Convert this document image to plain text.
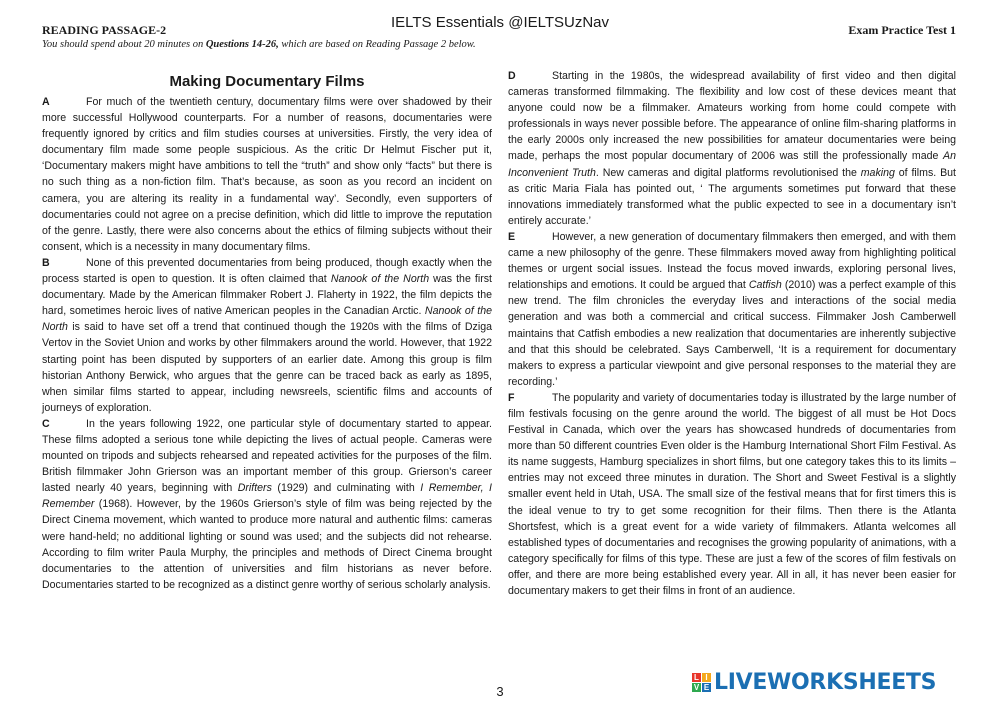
IELTS Essentials @IELTSUzNav
READING PASSAGE-2	Exam Practice Test 1
You should spend about 20 minutes on Questions 14-26, which are based on Reading Passage 2 below.
Making Documentary Films

A	For much of the twentieth century, documentary films were over shadowed by their more successful Hollywood counterparts. For a number of reasons, documentaries were frequently ignored by critics and film studies courses at universities. Firstly, the very idea of documentary film made some people suspicious. As the critic Dr Helmut Fischer put it, ‘Documentary makers might have ambitions to tell the “truth” and show only “facts” but there is no such thing as a non-fiction film. That’s because, as soon as you record an incident on camera, you are altering its reality in a fundamental way’. Secondly, even supporters of documentaries could not agree on a precise definition, which did little to improve the reputation of the genre. Lastly, there were also concerns about the ethics of filming subjects without their consent, which is a necessity in many documentary films.

B	None of this prevented documentaries from being produced, though exactly when the process started is open to question. It is often claimed that Nanook of the North was the first documentary. Made by the American filmmaker Robert J. Flaherty in 1922, the film depicts the hard, sometimes heroic lives of native American peoples in the Canadian Arctic. Nanook of the North is said to have set off a trend that continued though the 1920s with the films of Dziga Vertov in the Soviet Union and works by other filmmakers around the world. However, that 1922 starting point has been disputed by supporters of an earlier date. Among this group is film historian Anthony Berwick, who argues that the genre can be traced back as early as 1895, when similar films started to appear, including newsreels, scientific films and accounts of journeys of exploration.

C	In the years following 1922, one particular style of documentary started to appear. These films adopted a serious tone while depicting the lives of actual people. Cameras were mounted on tripods and subjects rehearsed and repeated activities for the purposes of the film. British filmmaker John Grierson was an important member of this group. Grierson’s career lasted nearly 40 years, beginning with Drifters (1929) and culminating with I Remember, I Remember (1968). However, by the 1960s Grierson’s style of film was being rejected by the Direct Cinema movement, which wanted to produce more natural and authentic films: cameras were hand-held; no additional lighting or sound was used; and the subjects did not rehearse. According to film writer Paula Murphy, the principles and methods of Direct Cinema brought documentaries to the attention of universities and film historians as never before. Documentaries started to be recognized as a distinct genre worthy of serious scholarly analysis.

D	Starting in the 1980s, the widespread availability of first video and then digital cameras transformed filmmaking. The flexibility and low cost of these devices meant that anyone could now be a filmmaker. Amateurs working from home could compete with professionals in ways never possible before. The appearance of online film-sharing platforms in the early 2000s only increased the new possibilities for amateur documentaries were being made, perhaps the most popular documentary of 2006 was still the professionally made An Inconvenient Truth. New cameras and digital platforms revolutionised the making of films. But as critic Maria Fiala has pointed out, ‘ The arguments sometimes put forward that these innovations immediately transformed what the public expected to see in a documentary isn’t entirely accurate.’

E	However, a new generation of documentary filmmakers then emerged, and with them came a new philosophy of the genre. These filmmakers moved away from highlighting political themes or urgent social issues. Instead the focus moved inwards, exploring personal lives, relationships and emotions. It could be argued that Catfish (2010) was a perfect example of this new trend. The film chronicles the everyday lives and interactions of the social media generation and was both a commercial and critical success. Filmmaker Josh Camberwell maintains that Catfish embodies a new realization that documentaries are inherently subjective and that this should be celebrated. Says Camberwell, ‘It is a requirement for documentary makers to express a particular viewpoint and give personal responses to the material they are recording.’

F	The popularity and variety of documentaries today is illustrated by the large number of film festivals focusing on the genre around the world. The biggest of all must be Hot Docs Festival in Canada, which over the years has showcased hundreds of documentaries from more than 50 different countries Even older is the Hamburg International Short Film Festival. As its name suggests, Hamburg specializes in short films, but one category takes this to its limits – entries may not exceed three minutes in duration. The Short and Sweet Festival is a slightly smaller event held in Utah, USA. The small size of the festival means that for first timers this is the ideal venue to try to get some recognition for their films. Then there is the Atlanta Shortsfest, which is a great event for a wide variety of filmmakers. Atlanta welcomes all established types of documentaries and recognises the growing popularity of animations, with a category specifically for films of this type. These are just a few of the scores of film festivals on offer, and there are more being established every year. All in all, it has never been easier for documentary makers to get their films in front of an audience.

3
L I
V E LIVEWORKSHEETS
